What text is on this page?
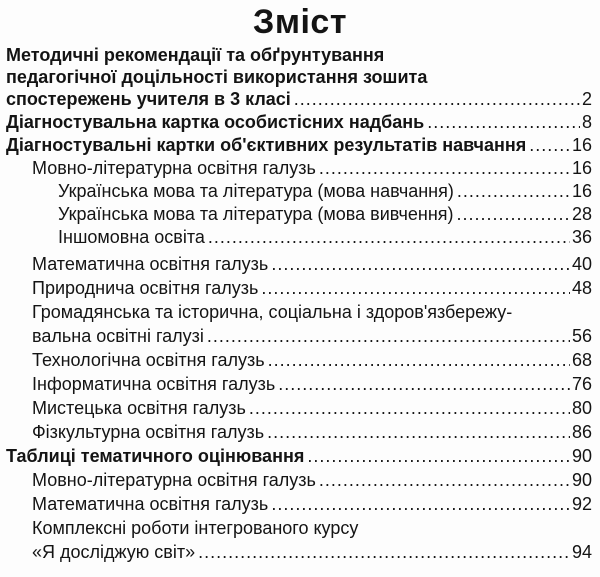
Зміст
Методичні рекомендації та обґрунтування
педагогічної доцільності використання зошита
спостережень учителя в 3 класі .....	2
Діагностувальна картка особистісних надбань .....	8
Діагностувальні картки об'єктивних результатів навчання .....	16
Мовно-літературна освітня галузь .....	16
Українська мова та література (мова навчання) .....	16
Українська мова та література (мова вивчення) .....	28
Іншомовна освіта .....	36
Математична освітня галузь .....	40
Природнича освітня галузь .....	48
Громадянська та історична, соціальна і здоров'язбережу-
вальна освітні галузі .....	56
Технологічна освітня галузь .....	68
Інформатична освітня галузь .....	76
Мистецька освітня галузь .....	80
Фізкультурна освітня галузь .....	86
Таблиці тематичного оцінювання .....	90
Мовно-літературна освітня галузь .....	90
Математична освітня галузь .....	92
Комплексні роботи інтегрованого курсу
«Я досліджую світ» .....	94
